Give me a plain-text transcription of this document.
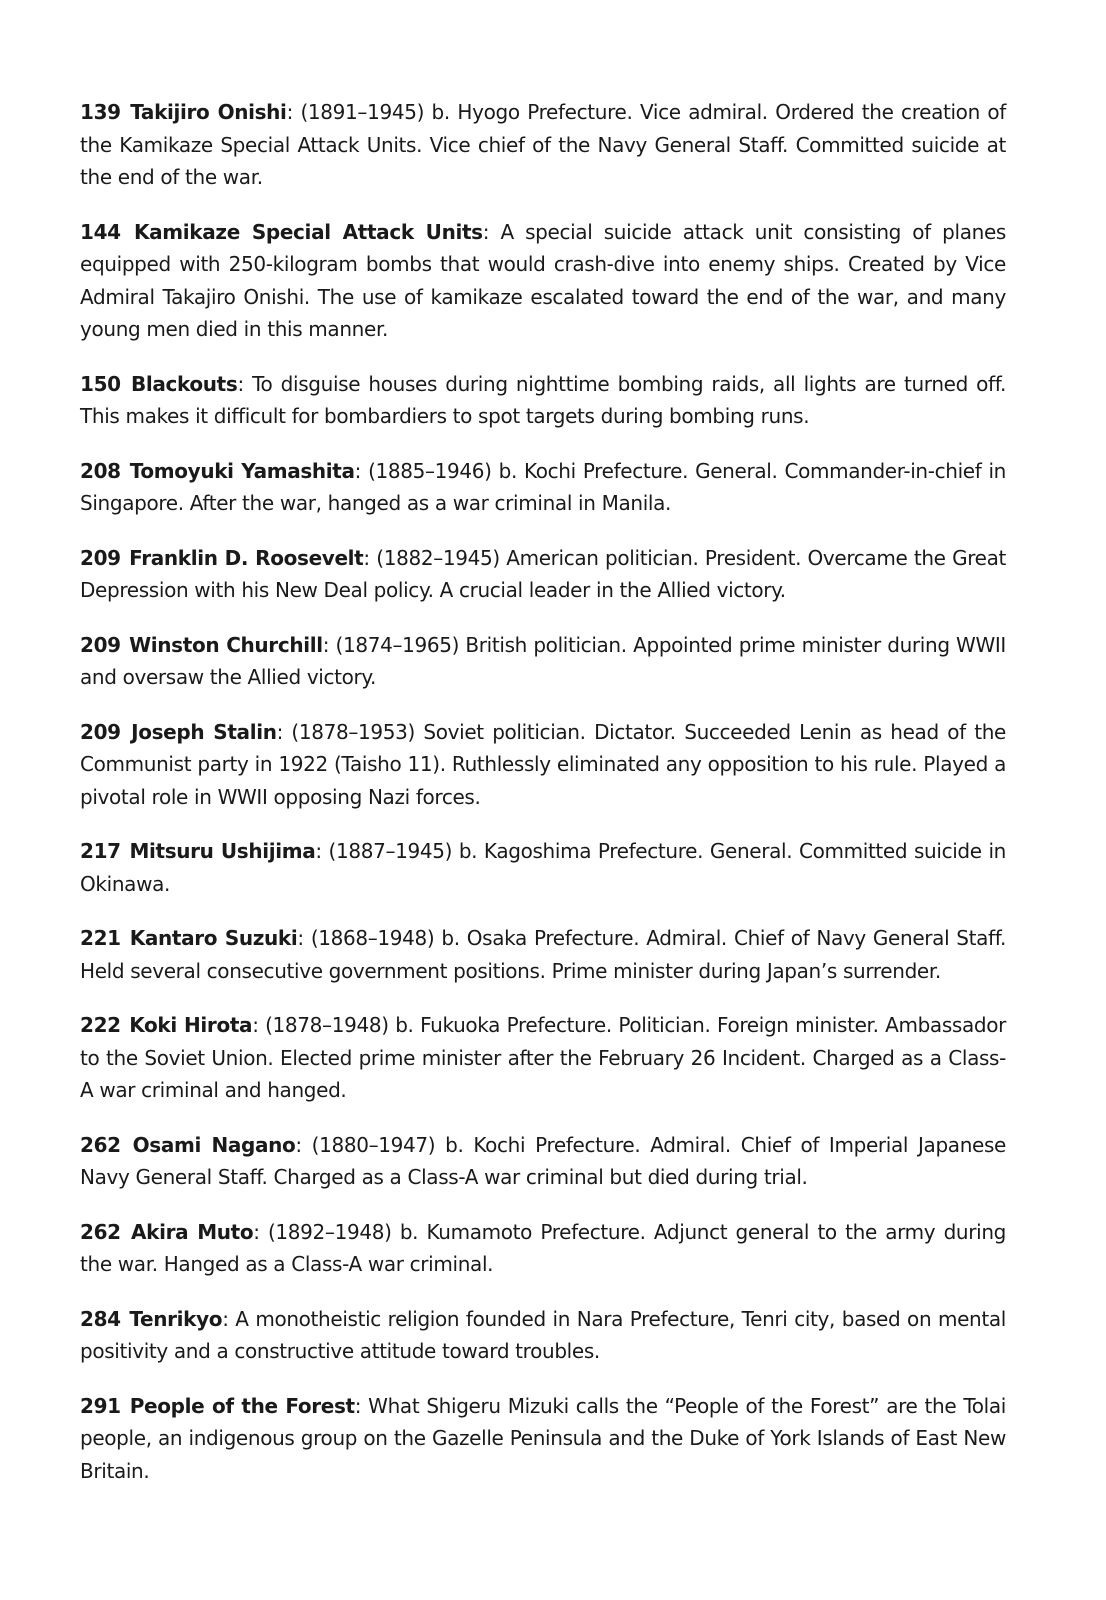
139 Takijiro Onishi: (1891–1945) b. Hyogo Prefecture. Vice admiral. Ordered the creation of the Kamikaze Special Attack Units. Vice chief of the Navy General Staff. Committed suicide at the end of the war.

144 Kamikaze Special Attack Units: A special suicide attack unit consisting of planes equipped with 250-kilogram bombs that would crash-dive into enemy ships. Created by Vice Admiral Takajiro Onishi. The use of kamikaze escalated toward the end of the war, and many young men died in this manner.

150 Blackouts: To disguise houses during nighttime bombing raids, all lights are turned off. This makes it difficult for bombardiers to spot targets during bombing runs.

208 Tomoyuki Yamashita: (1885–1946) b. Kochi Prefecture. General. Commander-in-chief in Singapore. After the war, hanged as a war criminal in Manila.

209 Franklin D. Roosevelt: (1882–1945) American politician. President. Overcame the Great Depression with his New Deal policy. A crucial leader in the Allied victory.

209 Winston Churchill: (1874–1965) British politician. Appointed prime minister during WWII and oversaw the Allied victory.

209 Joseph Stalin: (1878–1953) Soviet politician. Dictator. Succeeded Lenin as head of the Communist party in 1922 (Taisho 11). Ruthlessly eliminated any opposition to his rule. Played a pivotal role in WWII opposing Nazi forces.

217 Mitsuru Ushijima: (1887–1945) b. Kagoshima Prefecture. General. Committed suicide in Okinawa.

221 Kantaro Suzuki: (1868–1948) b. Osaka Prefecture. Admiral. Chief of Navy General Staff. Held several consecutive government positions. Prime minister during Japan’s surrender.

222 Koki Hirota: (1878–1948) b. Fukuoka Prefecture. Politician. Foreign minister. Ambassador to the Soviet Union. Elected prime minister after the February 26 Incident. Charged as a Class-A war criminal and hanged.

262 Osami Nagano: (1880–1947) b. Kochi Prefecture. Admiral. Chief of Imperial Japanese Navy General Staff. Charged as a Class-A war criminal but died during trial.

262 Akira Muto: (1892–1948) b. Kumamoto Prefecture. Adjunct general to the army during the war. Hanged as a Class-A war criminal.

284 Tenrikyo: A monotheistic religion founded in Nara Prefecture, Tenri city, based on mental positivity and a constructive attitude toward troubles.

291 People of the Forest: What Shigeru Mizuki calls the “People of the Forest” are the Tolai people, an indigenous group on the Gazelle Peninsula and the Duke of York Islands of East New Britain.
